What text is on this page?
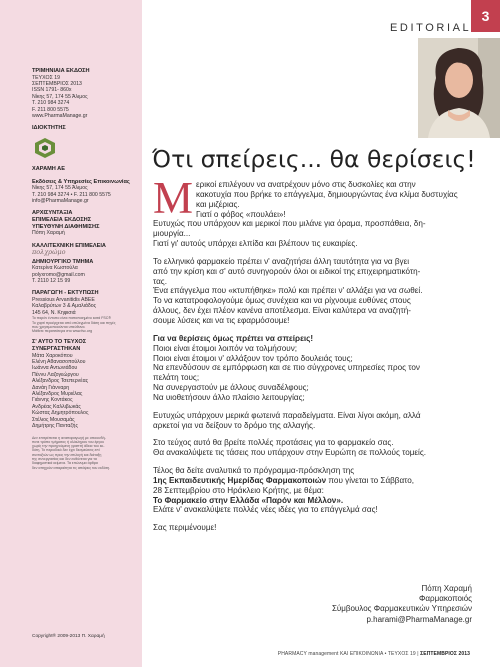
ΤΡΙΜΗΝΙΑΙΑ ΕΚΔΟΣΗ
ΤΕΥΧΟΣ 19
ΣΕΠΤΕΜΒΡΙΟΣ 2013
ISSN 1791- 860x
Νίκης 57, 174 55 Άλιμος
Τ. 210 984 3274
F. 211 800 5575
www.PharmaManage.gr
ΙΔΙΟΚΤΗΤΗΣ
ΧΑΡΑΜΗ ΑΕ
Εκδόσεις & Υπηρεσίες Επικοινωνίας
Νίκης 57, 174 55 Άλιμος
Τ. 210 984 3274 • F. 211 800 5575
info@PharmaManage.gr
ΑΡΧΙΣΥΝΤΑΞΙΑ
ΕΠΙΜΕΛΕΙΑ ΕΚΔΟΣΗΣ
ΥΠΕΥΘΥΝΗ ΔΙΑΦΗΜΙΣΗΣ
Πόπη Χαραμή
ΚΑΛΛΙΤΕΧΝΙΚΗ ΕΠΙΜΕΛΕΙΑ
πoλχρώμο
ΔΗΜΙΟΥΡΓΙΚΟ ΤΜΗΜΑ
Κατερίνα Κωστούλα
polyxromo@gmail.com
Τ. 2110 12 15 99
ΠΑΡΑΓΩΓΗ - ΕΚΤΥΠΩΣΗ
Pressious Arvanitidis ABEE
Καλαβρύτων 3 & Αμαλιάδος
145 64, Ν. Κηφισιά
Το παρόν έντυπο είναι πιστοποιημένο κατά FSC®
Το χαρτί προέρχεται από επιλεγμένα δάση και πηγές
που χρησιμοποιούνται υπεύθυνα.
Μάθετε περισσότερα στο www.fsc.org
Σ' ΑΥΤΟ ΤΟ ΤΕΥΧΟΣ
ΣΥΝΕΡΓΑΣΤΗΚΑΝ
Μάτα Χαροκόπου
Ελένη Αθανασοπούλου
Ιωάννα Αντωνιάδου
Πέννυ Λαζογεώργου
Αλέξανδρος Τσεπερνέας
Δανάη Γιάνναρη
Αλέξανδρος Μυριέλας
Γιάννης Κοντάκος
Ανδρέας Καλλιβωκάς
Κώστας Δημητρόπουλος
Στέλιος Μουσαμάς
Δημήτρης Πανταζής
Δεν επιτρέπεται η αναπαραγωγή με οποιονδή-
ποτε τρόπο τμήματος ή ολόκληρου του έργου
χωρίς την προηγούμενη γραπτή άδεια του εκ-
δότη. Το περιοδικό δεν έχει δεσμεύσεις επί
συνταξιών ως προς την επιλογή και διάταξη
της συνεργασίας και δεν ευθύνεται για τα
διαφημιστικά κείμενα. Τα επώνυμα άρθρα
δεν απηχούν απαραίτητα τις απόψεις του εκδότη.
Copyright® 2009-2013 Π. Χαραμή
EDITORIAL
3
Ότι σπείρεις... θα θερίσεις!

Μ ερικοί επιλέγουν να ανατρέχουν μόνο στις δυσκολίες και στην
κακοτυχία που βρήκε το επάγγελμα, δημιουργώντας ένα κλίμα δυστυχίας
και μιζέριας.
Γιατί ο φόβος «πουλάει»!
Ευτυχώς που υπάρχουν και μερικοί που μιλάνε για όραμα, προσπάθεια, δη-
μιουργία...
Γιατί γι' αυτούς υπάρχει ελπίδα και βλέπουν τις ευκαιρίες.

Το ελληνικό φαρμακείο πρέπει ν' αναζητήσει άλλη ταυτότητα για να βγει
από την κρίση και σ' αυτό συνηγορούν όλοι οι ειδικοί της επιχειρηματικότη-
τας.
Ένα επάγγελμα που «κτυπήθηκε» πολύ και πρέπει ν' αλλάξει για να σωθεί.
Το να κατατροφολογούμε όμως συνέχεια και να ρίχνουμε ευθύνες στους
άλλους, δεν έχει πλέον κανένα αποτέλεσμα. Είναι καλύτερα να αναζητή-
σουμε λύσεις και να τις εφαρμόσουμε!

Για να θερίσεις όμως πρέπει να σπείρεις!
Ποιοι είναι έτοιμοι λοιπόν να τολμήσουν;
Ποιοι είναι έτοιμοι ν' αλλάξουν τον τρόπο δουλειάς τους;
Να επενδύσουν σε εμπόρφωση και σε πιο σύγχρονες υπηρεσίες προς τον
πελάτη τους;
Να συνεργαστούν με άλλους συναδέλφους;
Να υιοθετήσουν άλλο πλαίσιο λειτουργίας;

Ευτυχώς υπάρχουν μερικά φωτεινά παραδείγματα. Είναι λίγοι ακόμη, αλλά
αρκετοί για να δείξουν το δρόμο της αλλαγής.

Στο τεύχος αυτό θα βρείτε πολλές προτάσεις για το φαρμακείο σας.
Θα ανακαλύψετε τις τάσεις που υπάρχουν στην Ευρώπη σε πολλούς τομείς.

Τέλος θα δείτε αναλυτικά το πρόγραμμα-πρόσκληση της
1ης Εκπαιδευτικής Ημερίδας Φαρμακοποιών που γίνεται το Σάββατο,
28 Σεπτεμβρίου στο Ηράκλειο Κρήτης, με θέμα:
Το Φαρμακείο στην Ελλάδα «Παρόν και Μέλλον».
Ελάτε ν' ανακαλύψετε πολλές νέες ιδέες για το επάγγελμά σας!

Σας περιμένουμε!

Πόπη Χαραμή
Φαρμακοποιός
Σύμβουλος Φαρμακευτικών Υπηρεσιών
p.harami@PharmaManage.gr
PHARMACY management ΚΑΙ ΕΠΙΚΟΙΝΩΝΙΑ • ΤΕΥΧΟΣ 19 | ΣΕΠΤΕΜΒΡΙΟΣ 2013
